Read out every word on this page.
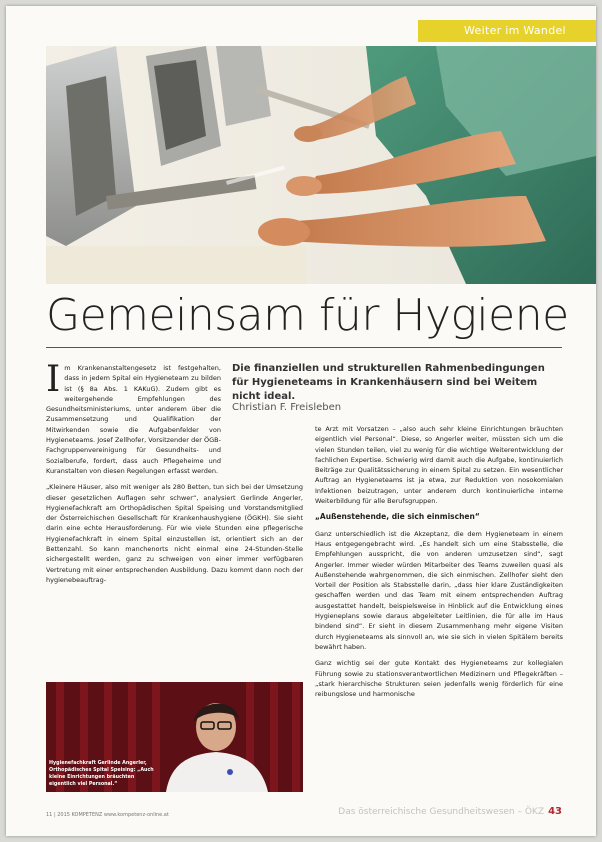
Weiter im Wandel
Gemeinsam für Hygiene
Die finanziellen und strukturellen Rahmenbedingungen für Hygieneteams in Krankenhäusern sind bei Weitem nicht ideal.
Christian F. Freisleben

Im Krankenanstaltengesetz ist festgehalten, dass in jedem Spital ein Hygieneteam zu bilden ist (§ 8a Abs. 1 KAKuG). Zudem gibt es weitergehende Empfehlungen des Gesundheitsministeriums, unter anderem über die Zusammensetzung und Qualifikation der Mitwirkenden sowie die Aufgabenfelder von Hygieneteams. Josef Zellhofer, Vorsitzender der ÖGB-Fachgruppenvereinigung für Gesundheits- und Sozialberufe, fordert, dass auch Pflegeheime und Kuranstalten von diesen Regelungen erfasst werden.

„Kleinere Häuser, also mit weniger als 280 Betten, tun sich bei der Umsetzung dieser gesetzlichen Auflagen sehr schwer“, analysiert Gerlinde Angerler, Hygienefachkraft am Orthopädischen Spital Speising und Vorstandsmitglied der Österreichischen Gesellschaft für Krankenhaushygiene (ÖGKH). Sie sieht darin eine echte Herausforderung. Für wie viele Stunden eine pflegerische Hygienefachkraft in einem Spital einzustellen ist, orientiert sich an der Bettenzahl. So kann manchenorts nicht einmal eine 24-Stunden-Stelle sichergestellt werden, ganz zu schweigen von einer immer verfügbaren Vertretung mit einer entsprechenden Ausbildung. Dazu kommt dann noch der hygienebeauftrag-

te Arzt mit Vorsatzen – „also auch sehr kleine Einrichtungen bräuchten eigentlich viel Personal“. Diese, so Angerler weiter, müssten sich um die vielen Stunden teilen, viel zu wenig für die wichtige Weiterentwicklung der fachlichen Expertise. Schwierig wird damit auch die Aufgabe, kontinuierlich Beiträge zur Qualitätssicherung in einem Spital zu setzen. Ein wesentlicher Auftrag an Hygieneteams ist ja etwa, zur Reduktion von nosokomialen Infektionen beizutragen, unter anderem durch kontinuierliche interne Weiterbildung für alle Berufsgruppen.

„Außenstehende, die sich einmischen“

Ganz unterschiedlich ist die Akzeptanz, die dem Hygieneteam in einem Haus entgegengebracht wird. „Es handelt sich um eine Stabsstelle, die Empfehlungen ausspricht, die von anderen umzusetzen sind“, sagt Angerler. Immer wieder würden Mitarbeiter des Teams zuweilen quasi als Außenstehende wahrgenommen, die sich einmischen. Zellhofer sieht den Vorteil der Position als Stabsstelle darin, „dass hier klare Zuständigkeiten geschaffen werden und das Team mit einem entsprechenden Auftrag ausgestattet handelt, beispielsweise in Hinblick auf die Entwicklung eines Hygieneplans sowie daraus abgeleiteter Leitlinien, die für alle im Haus bindend sind“. Er sieht in diesem Zusammenhang mehr eigene Visiten durch Hygieneteams als sinnvoll an, wie sie sich in vielen Spitälern bereits bewährt haben.

Ganz wichtig sei der gute Kontakt des Hygieneteams zur kollegialen Führung sowie zu stationsverantwortlichen Medizinern und Pflegekräften – „stark hierarchische Strukturen seien jedenfalls wenig förderlich für eine reibungslose und harmonische

Hygienefachkraft Gerlinde Angerler, Orthopädisches Spital Speising: „Auch kleine Einrichtungen bräuchten eigentlich viel Personal.“
11 | 2015 KOMPETENZ www.kompetenz-online.at	Das österreichische Gesundheitswesen – ÖKZ 43
